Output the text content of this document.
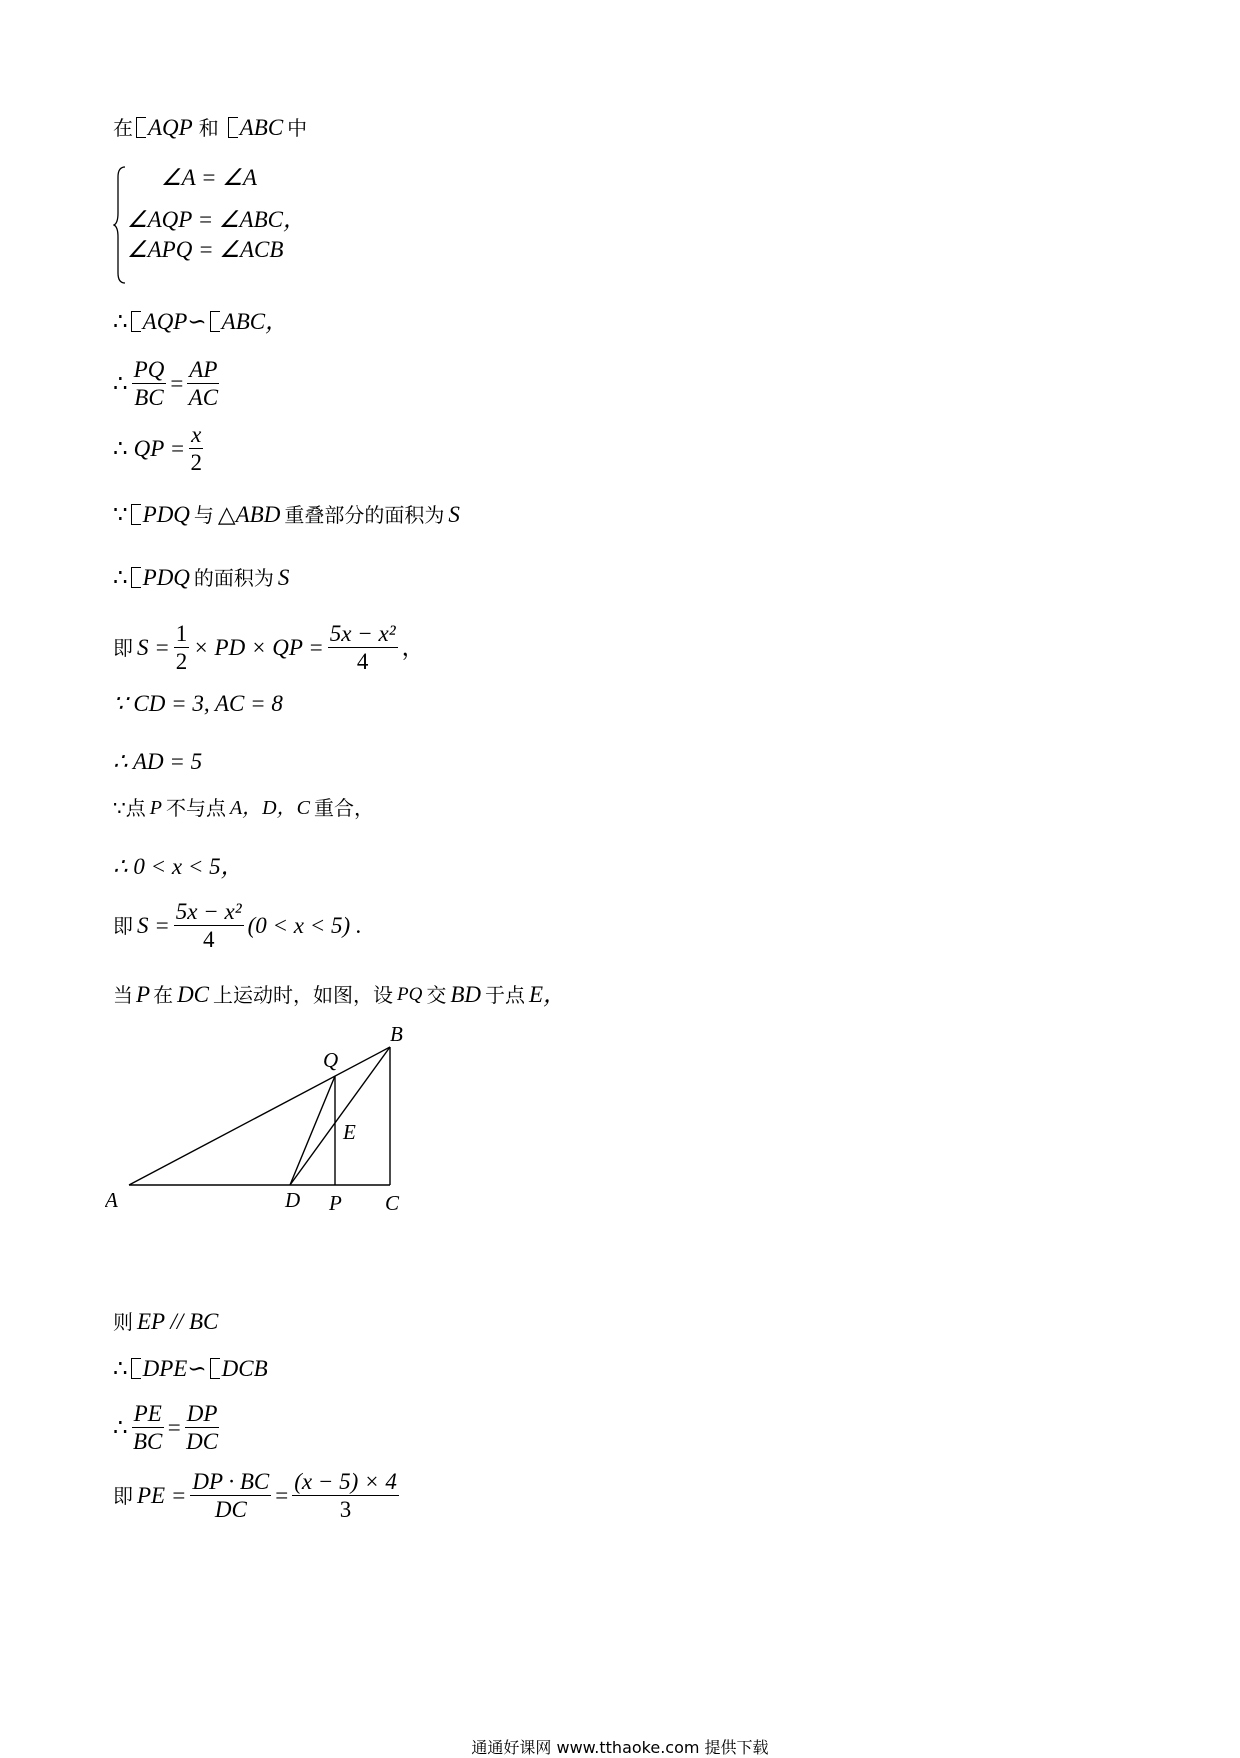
在 AQP 和 ABC 中
∠A = ∠A
∠AQP = ∠ABC，
∠APQ = ∠ACB
∴ AQP ∽ ABC，
∴ $\frac{PQ}{BC} = \frac{AP}{AC}$
∴ QP = $\frac{x}{2}$
∵ PDQ 与 △ABD 重叠部分的面积为 S
∴ PDQ 的面积为 S
即 $S = \frac{1}{2}$ × PD × QP = $\frac{\text{5x − x²}}{4}$ ，
∵ CD = 3, AC = 8
∴ AD = 5
∵点 P 不与点 A，D，C 重合，
∴ 0 < x < 5，
即 $S = \frac{\text{5x − x²}}{4} (0 < x < 5)$ .
当 P 在 DC 上运动时，如图，设 PQ 交 BD 于点 E，
A
B
C
D P
Q
E
则 EP // BC
∴ DPE ∽ DCB
∴ $\frac{PE}{BC} = \frac{DP}{DC}$
即 PE = $\frac{DP \cdot BC}{DC} = \frac{(x - 5) \times 4}{3}$
通通好课网 www.tthaoke.com 提供下载
